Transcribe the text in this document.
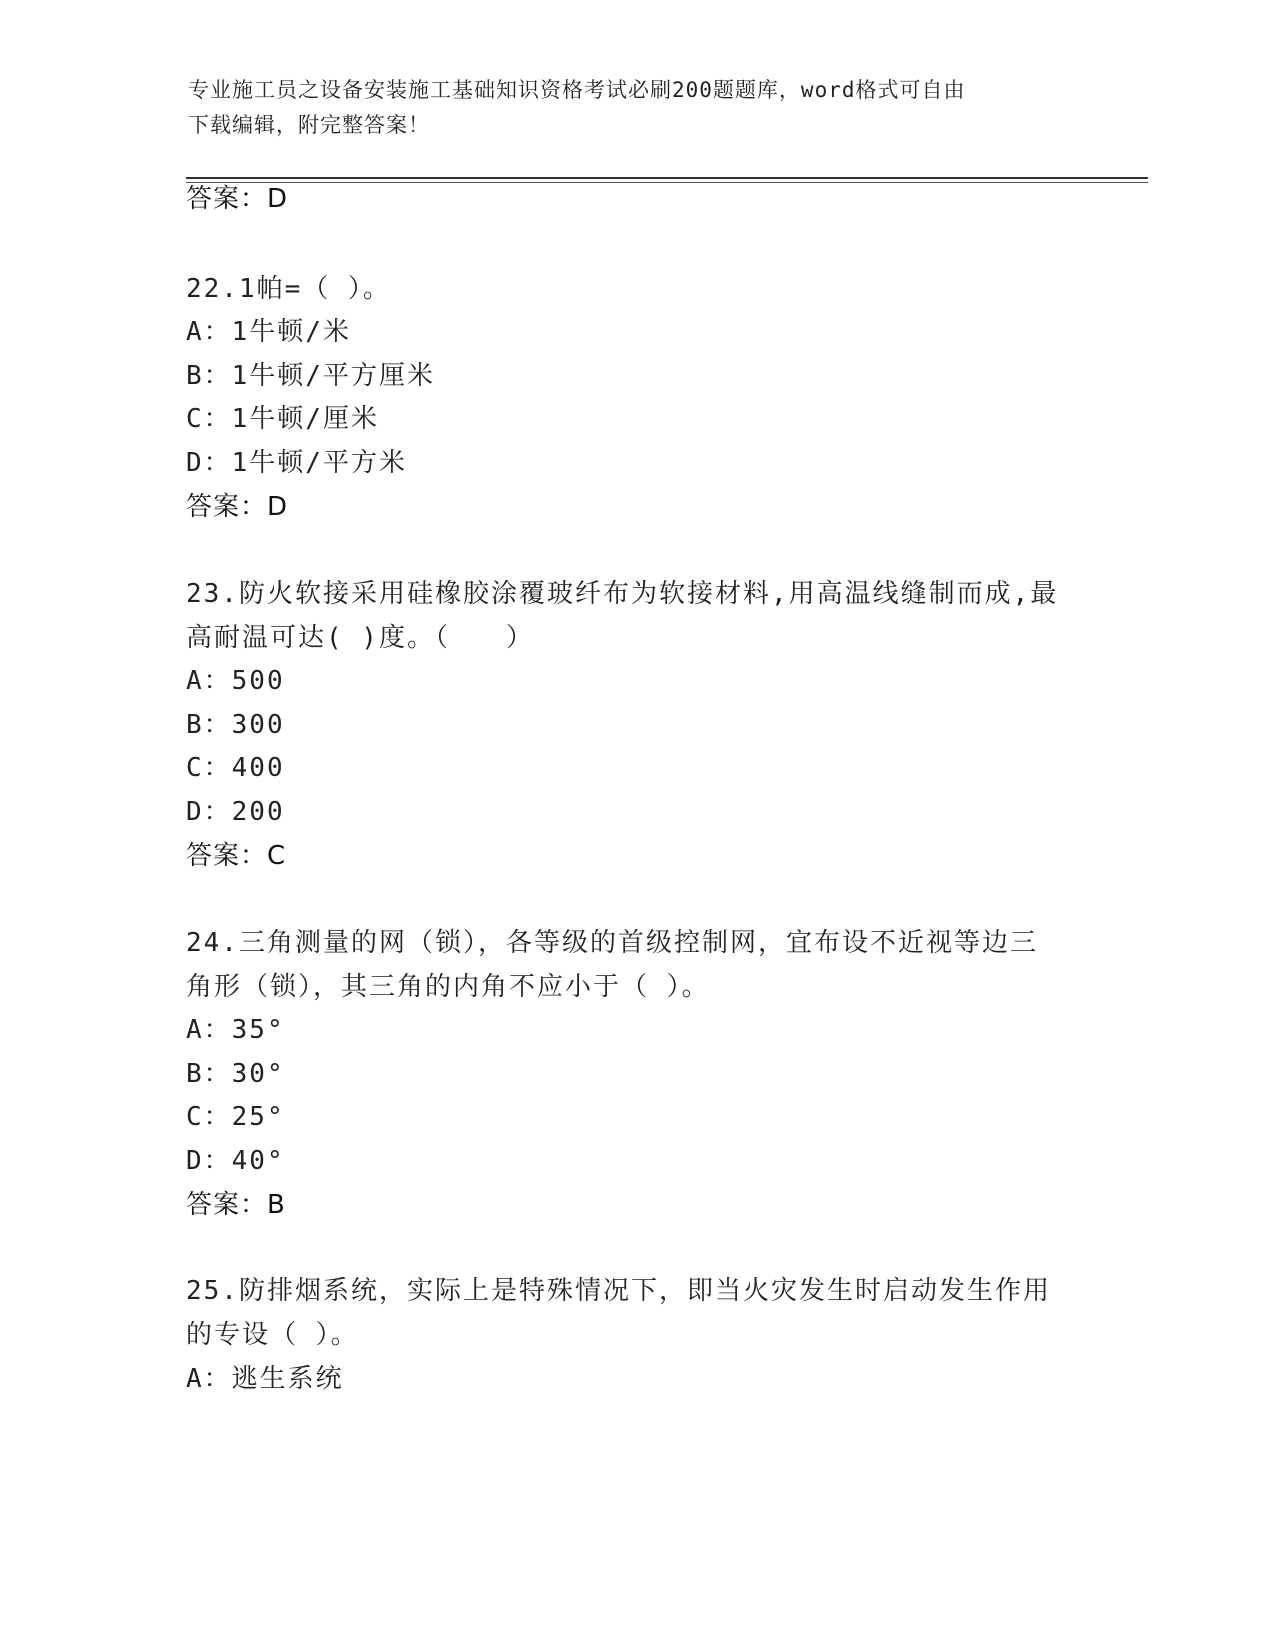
专业施工员之设备安装施工基础知识资格考试必刷200题题库，word格式可自由
下载编辑，附完整答案！
答案：D
22.1帕=（ ）。
A：1牛顿/米
B：1牛顿/平方厘米
C：1牛顿/厘米
D：1牛顿/平方米
答案：D
23.防火软接采用硅橡胶涂覆玻纤布为软接材料,用高温线缝制而成,最
高耐温可达( )度。（　　）
A：500
B：300
C：400
D：200
答案：C
24.三角测量的网（锁），各等级的首级控制网，宜布设不近视等边三
角形（锁），其三角的内角不应小于（ ）。
A：35°
B：30°
C：25°
D：40°
答案：B
25.防排烟系统，实际上是特殊情况下，即当火灾发生时启动发生作用
的专设（ ）。
A：逃生系统
